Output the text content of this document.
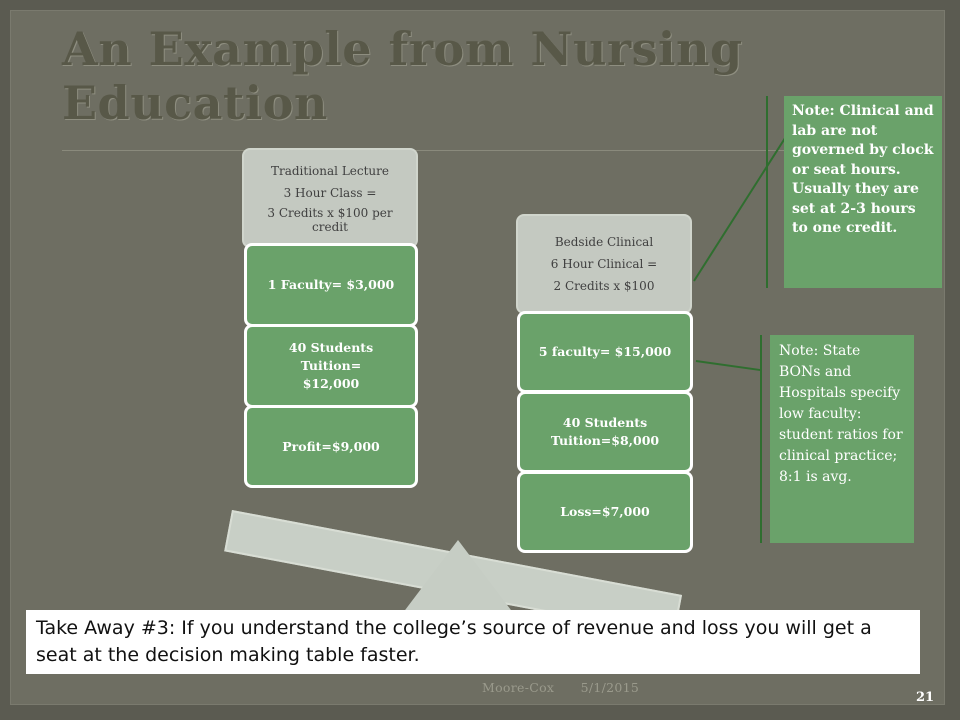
An Example from Nursing Education
Traditional Lecture
3 Hour Class =
3 Credits x $100 per credit
1 Faculty= $3,000
40 Students Tuition= $12,000
Profit=$9,000
Bedside Clinical
6 Hour Clinical =
2 Credits x $100
5 faculty= $15,000
40 Students Tuition=$8,000
Loss=$7,000
Note: Clinical and lab are not governed by clock or seat hours. Usually they are set at 2-3 hours to one credit.
Note: State BONs and Hospitals specify low faculty: student ratios for clinical practice; 8:1 is avg.
Take Away #3: If you understand the college’s source of revenue and loss you will get a seat at the decision making table faster.
Moore-Cox 5/1/2015
21
